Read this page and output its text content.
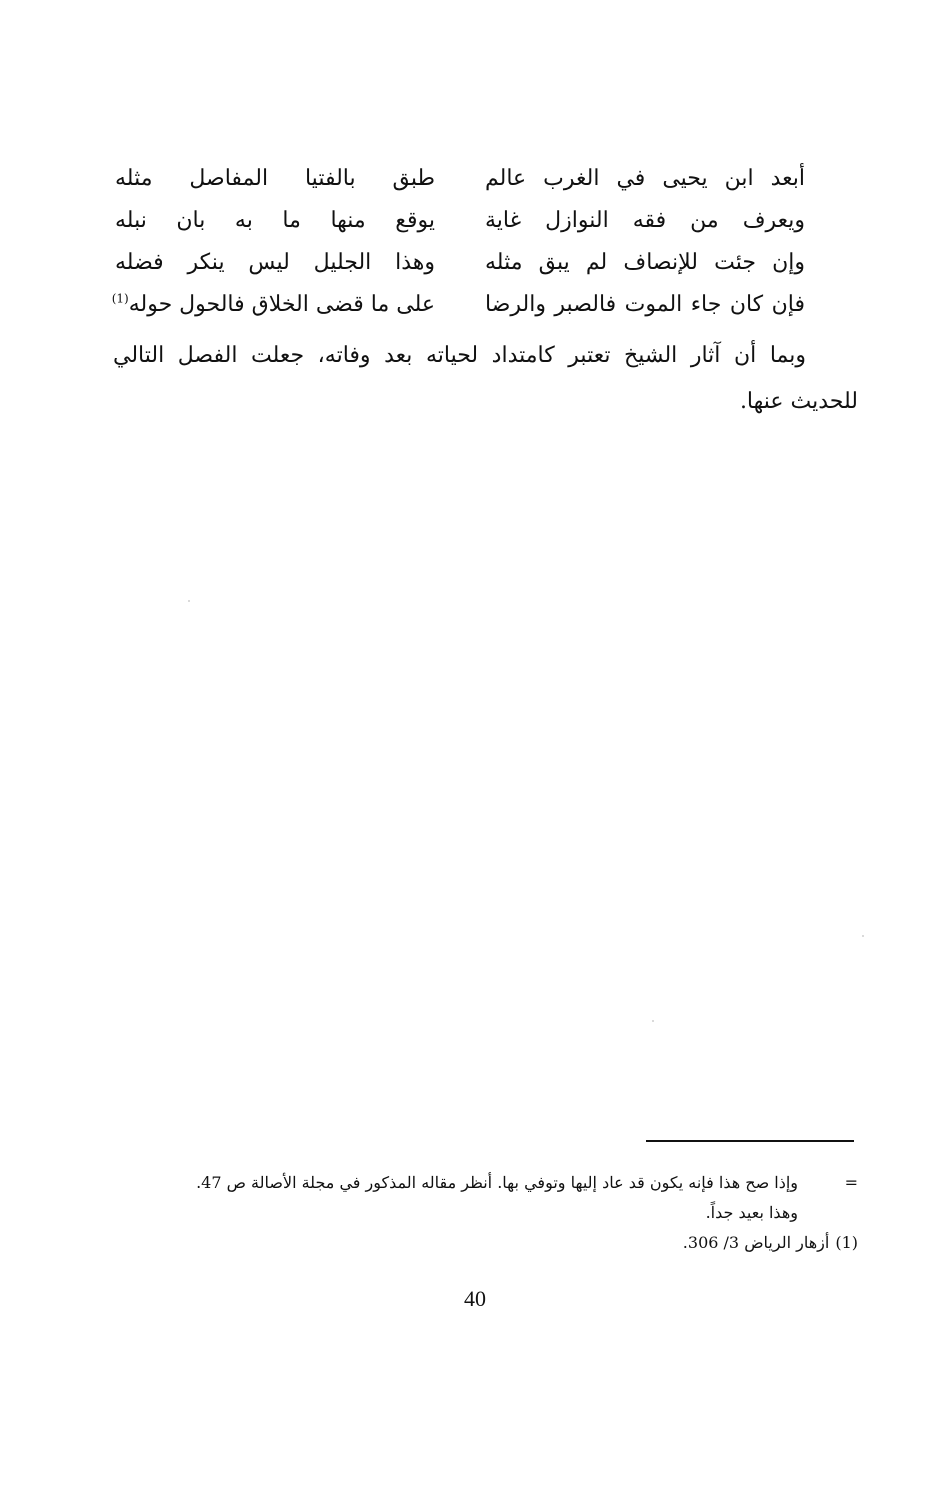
أبعد ابن يحيى في الغرب عالم
طبق بالفتيا المفاصل مثله
ويعرف من فقه النوازل غاية
يوقع منها ما به بان نبله
وإن جئت للإنصاف لم يبق مثله
وهذا الجليل ليس ينكر فضله
فإن كان جاء الموت فالصبر والرضا
على ما قضى الخلاق فالحول حوله$^{(1)}$

وبما أن آثار الشيخ تعتبر كامتداد لحياته بعد وفاته، جعلت الفصل التالي للحديث عنها.

=
وإذا صح هذا فإنه يكون قد عاد إليها وتوفي بها. أنظر مقاله المذكور في مجلة الأصالة ص 47.
وهذا بعيد جداً.
(1)
أزهار الرياض 3/ 306.
40
